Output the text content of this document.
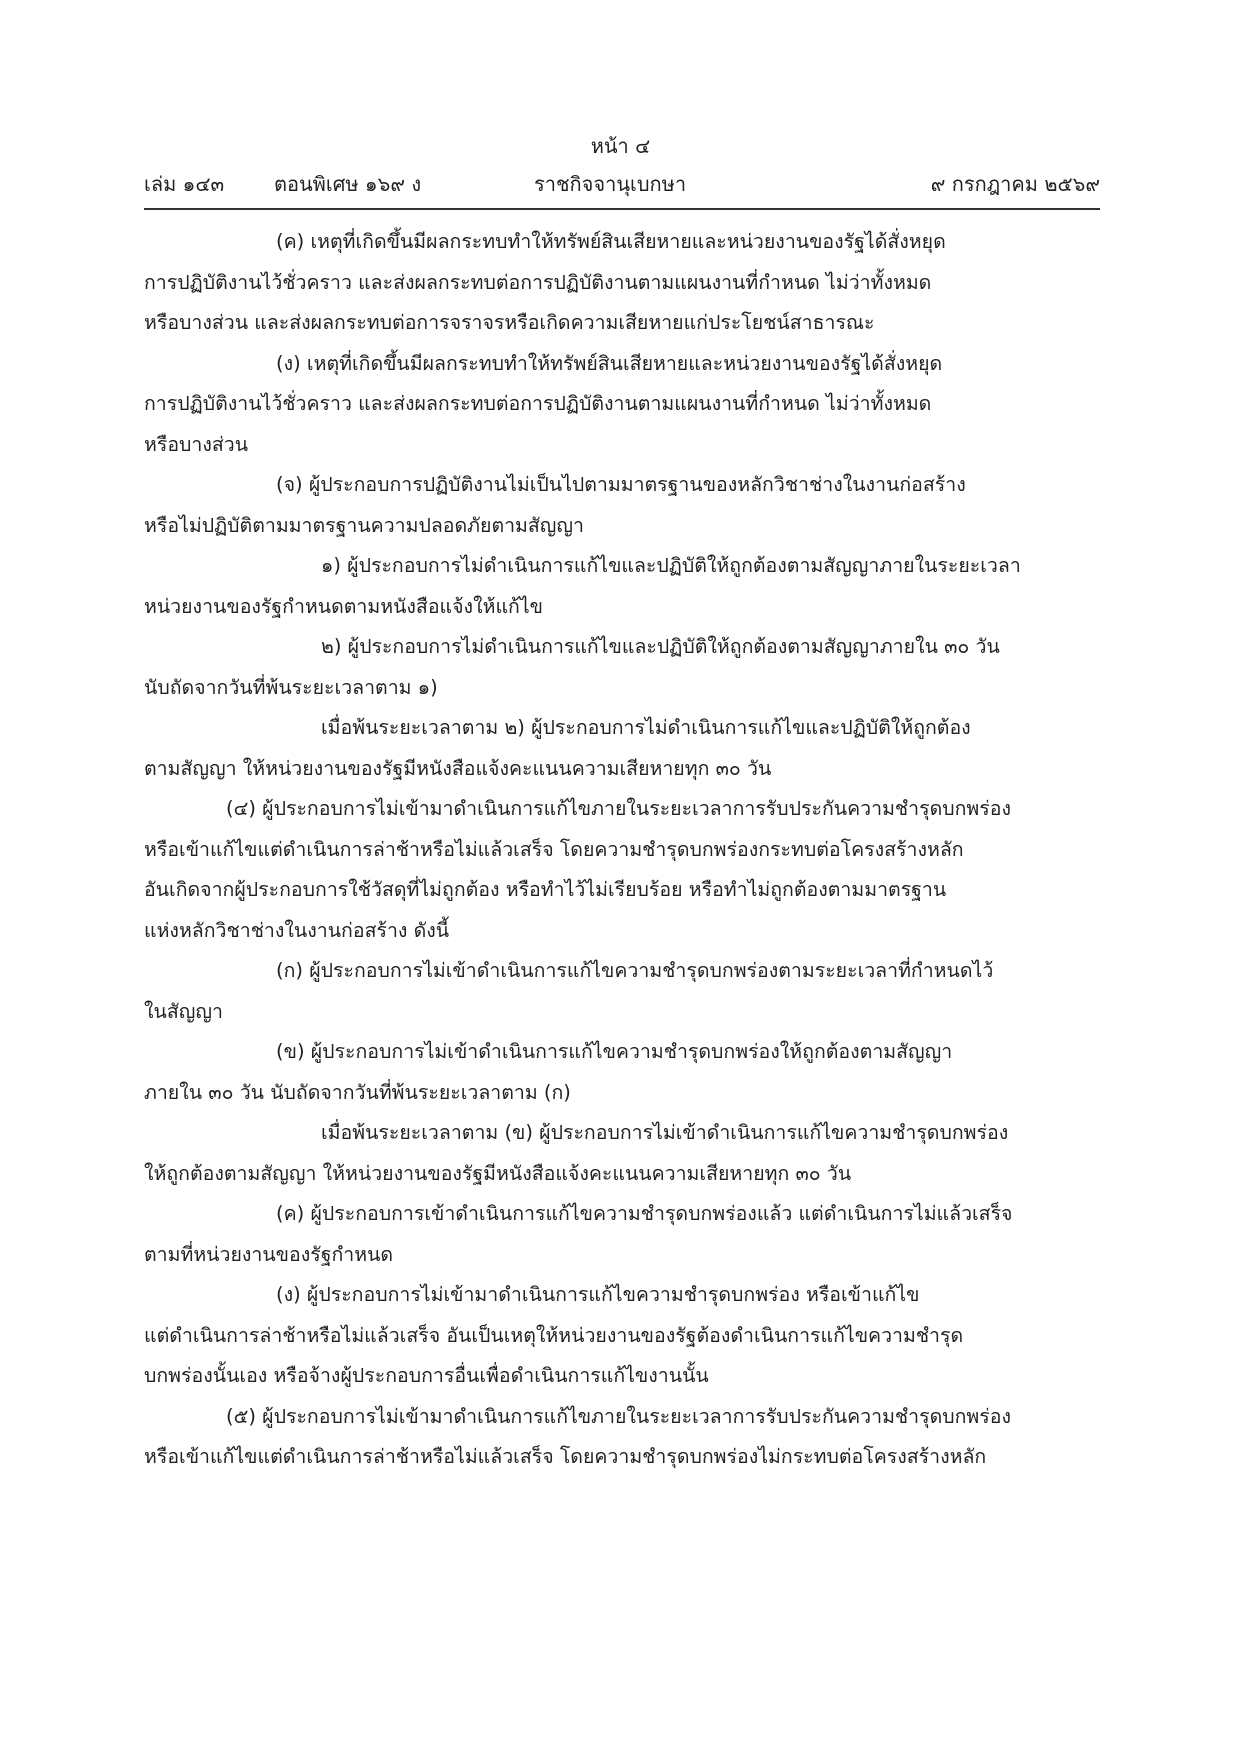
หน้า ๔
เล่ม ๑๔๓ ตอนพิเศษ ๑๖๙ ง	ราชกิจจานุเบกษา	๙ กรกฎาคม ๒๕๖๙
(ค) เหตุที่เกิดขึ้นมีผลกระทบทำให้ทรัพย์สินเสียหายและหน่วยงานของรัฐได้สั่งหยุด
การปฏิบัติงานไว้ชั่วคราว และส่งผลกระทบต่อการปฏิบัติงานตามแผนงานที่กำหนด ไม่ว่าทั้งหมด
หรือบางส่วน และส่งผลกระทบต่อการจราจรหรือเกิดความเสียหายแก่ประโยชน์สาธารณะ
(ง) เหตุที่เกิดขึ้นมีผลกระทบทำให้ทรัพย์สินเสียหายและหน่วยงานของรัฐได้สั่งหยุด
การปฏิบัติงานไว้ชั่วคราว และส่งผลกระทบต่อการปฏิบัติงานตามแผนงานที่กำหนด ไม่ว่าทั้งหมด
หรือบางส่วน
(จ) ผู้ประกอบการปฏิบัติงานไม่เป็นไปตามมาตรฐานของหลักวิชาช่างในงานก่อสร้าง
หรือไม่ปฏิบัติตามมาตรฐานความปลอดภัยตามสัญญา
๑) ผู้ประกอบการไม่ดำเนินการแก้ไขและปฏิบัติให้ถูกต้องตามสัญญาภายในระยะเวลา
หน่วยงานของรัฐกำหนดตามหนังสือแจ้งให้แก้ไข
๒) ผู้ประกอบการไม่ดำเนินการแก้ไขและปฏิบัติให้ถูกต้องตามสัญญาภายใน ๓๐ วัน
นับถัดจากวันที่พ้นระยะเวลาตาม ๑)
เมื่อพ้นระยะเวลาตาม ๒) ผู้ประกอบการไม่ดำเนินการแก้ไขและปฏิบัติให้ถูกต้อง
ตามสัญญา ให้หน่วยงานของรัฐมีหนังสือแจ้งคะแนนความเสียหายทุก ๓๐ วัน
(๔) ผู้ประกอบการไม่เข้ามาดำเนินการแก้ไขภายในระยะเวลาการรับประกันความชำรุดบกพร่อง
หรือเข้าแก้ไขแต่ดำเนินการล่าช้าหรือไม่แล้วเสร็จ โดยความชำรุดบกพร่องกระทบต่อโครงสร้างหลัก
อันเกิดจากผู้ประกอบการใช้วัสดุที่ไม่ถูกต้อง หรือทำไว้ไม่เรียบร้อย หรือทำไม่ถูกต้องตามมาตรฐาน
แห่งหลักวิชาช่างในงานก่อสร้าง ดังนี้
(ก) ผู้ประกอบการไม่เข้าดำเนินการแก้ไขความชำรุดบกพร่องตามระยะเวลาที่กำหนดไว้
ในสัญญา
(ข) ผู้ประกอบการไม่เข้าดำเนินการแก้ไขความชำรุดบกพร่องให้ถูกต้องตามสัญญา
ภายใน ๓๐ วัน นับถัดจากวันที่พ้นระยะเวลาตาม (ก)
เมื่อพ้นระยะเวลาตาม (ข) ผู้ประกอบการไม่เข้าดำเนินการแก้ไขความชำรุดบกพร่อง
ให้ถูกต้องตามสัญญา ให้หน่วยงานของรัฐมีหนังสือแจ้งคะแนนความเสียหายทุก ๓๐ วัน
(ค) ผู้ประกอบการเข้าดำเนินการแก้ไขความชำรุดบกพร่องแล้ว แต่ดำเนินการไม่แล้วเสร็จ
ตามที่หน่วยงานของรัฐกำหนด
(ง) ผู้ประกอบการไม่เข้ามาดำเนินการแก้ไขความชำรุดบกพร่อง หรือเข้าแก้ไข
แต่ดำเนินการล่าช้าหรือไม่แล้วเสร็จ อันเป็นเหตุให้หน่วยงานของรัฐต้องดำเนินการแก้ไขความชำรุด
บกพร่องนั้นเอง หรือจ้างผู้ประกอบการอื่นเพื่อดำเนินการแก้ไขงานนั้น
(๕) ผู้ประกอบการไม่เข้ามาดำเนินการแก้ไขภายในระยะเวลาการรับประกันความชำรุดบกพร่อง
หรือเข้าแก้ไขแต่ดำเนินการล่าช้าหรือไม่แล้วเสร็จ โดยความชำรุดบกพร่องไม่กระทบต่อโครงสร้างหลัก
